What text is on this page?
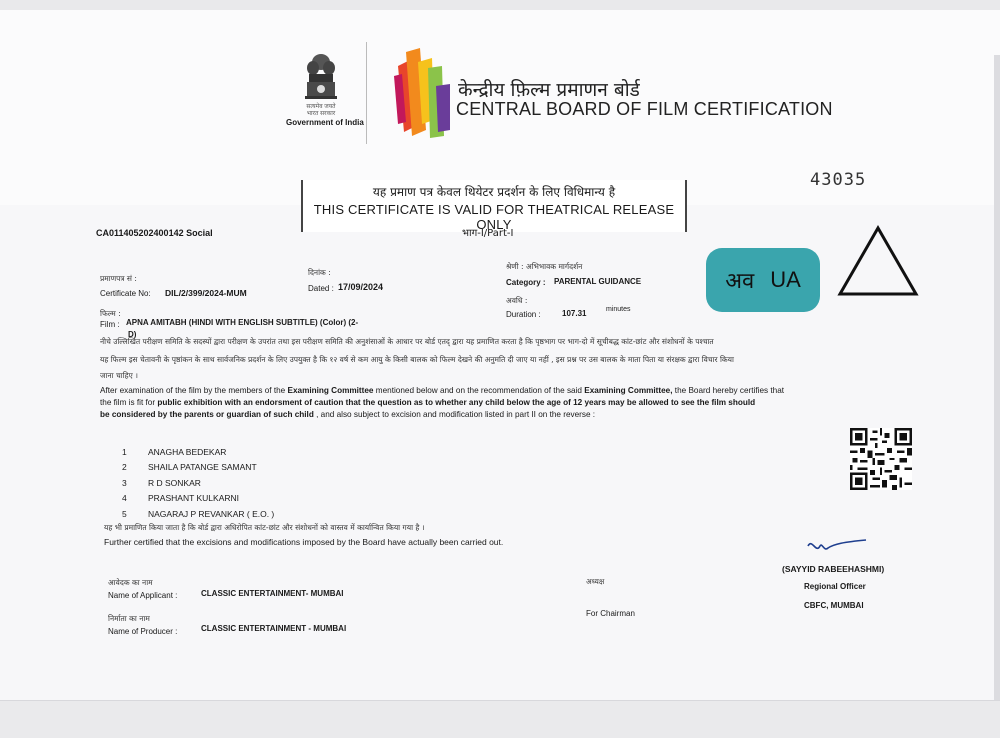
सत्यमेव जयते
भारत सरकार
Government of India
केन्द्रीय फ़िल्म प्रमाणन बोर्ड
CENTRAL BOARD OF FILM CERTIFICATION
43035
यह प्रमाण पत्र केवल थियेटर प्रदर्शन के लिए विधिमान्य है
THIS CERTIFICATE IS VALID FOR THEATRICAL RELEASE ONLY
भाग-I/Part-I
CA011405202400142 Social
प्रमाणपत्र सं :
Certificate No: DIL/2/399/2024-MUM
दिनांक :
Dated : 17/09/2024
श्रेणी : अभिभावक मार्गदर्शन
Category : PARENTAL GUIDANCE
फिल्म :
Film : APNA AMITABH (HINDI WITH ENGLISH SUBTITLE) (Color) (2-
D)
अवधि :
Duration :	107.31	minutes
अव UA
नीचे उल्लिखित परीक्षण समिति के सदस्यों द्वारा परीक्षण के उपरांत तथा इस परीक्षण समिति की अनुशंसाओं के आधार पर बोर्ड एतद् द्वारा यह प्रमाणित करता है कि पृष्ठभाग पर भाग-दो में सूचीबद्ध कांट-छांट और संशोधनों के पश्चात
यह फिल्म इस चेतावनी के पृष्ठांकन के साथ सार्वजनिक प्रदर्शन के लिए उपयुक्त है कि १२ वर्ष से कम आयु के किसी बालक को फिल्म देखने की अनुमति दी जाए या नहीं , इस प्रश्न पर उस बालक के माता पिता या संरक्षक द्वारा विचार किया
जाना चाहिए ।
After examination of the film by the members of the Examining Committee mentioned below and on the recommendation of the said Examining Committee, the Board hereby certifies that
the film is fit for public exhibition with an endorsment of caution that the question as to whether any child below the age of 12 years may be allowed to see the film should
be considered by the parents or guardian of such child , and also subject to excision and modification listed in part II on the reverse :
1	ANAGHA BEDEKAR
2	SHAILA PATANGE SAMANT
3	R D SONKAR
4	PRASHANT KULKARNI
5	NAGARAJ P REVANKAR ( E.O. )
यह भी प्रमाणित किया जाता है कि बोर्ड द्वारा अधिरोपित कांट-छांट और संशोधनों को वास्तव में कार्यान्वित किया गया है ।
Further certified that the excisions and modifications imposed by the Board have actually been carried out.
आवेदक का नाम
Name of Applicant :	CLASSIC ENTERTAINMENT- MUMBAI
निर्माता का नाम
Name of Producer :	CLASSIC ENTERTAINMENT - MUMBAI
अध्यक्ष
For Chairman
(SAYYID RABEEHASHMI)
Regional Officer
CBFC, MUMBAI
